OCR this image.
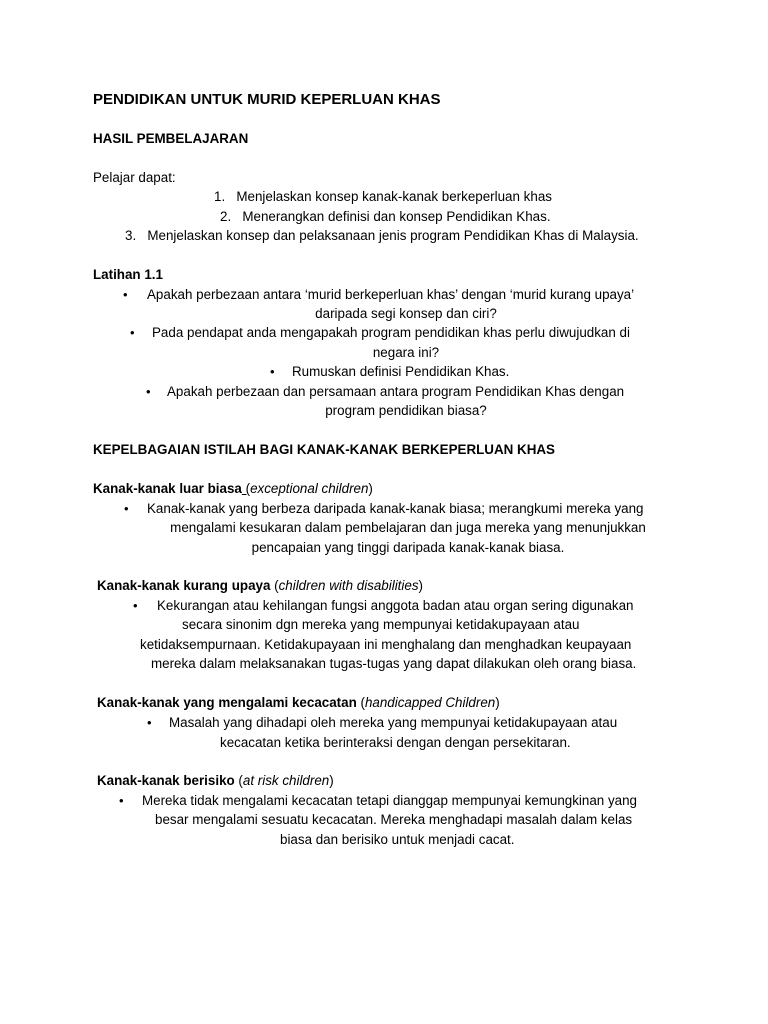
PENDIDIKAN UNTUK MURID KEPERLUAN KHAS
HASIL PEMBELAJARAN
Pelajar dapat:
1. Menjelaskan konsep kanak-kanak berkeperluan khas
2. Menerangkan definisi dan konsep Pendidikan Khas.
3. Menjelaskan konsep dan pelaksanaan jenis program Pendidikan Khas di Malaysia.
Latihan 1.1
• Apakah perbezaan antara ‘murid berkeperluan khas’ dengan ‘murid kurang upaya’
daripada segi konsep dan ciri?
• Pada pendapat anda mengapakah program pendidikan khas perlu diwujudkan di
negara ini?
• Rumuskan definisi Pendidikan Khas.
• Apakah perbezaan dan persamaan antara program Pendidikan Khas dengan
program pendidikan biasa?
KEPELBAGAIAN ISTILAH BAGI KANAK-KANAK BERKEPERLUAN KHAS
Kanak-kanak luar biasa (exceptional children)
• Kanak-kanak yang berbeza daripada kanak-kanak biasa; merangkumi mereka yang
mengalami kesukaran dalam pembelajaran dan juga mereka yang menunjukkan
pencapaian yang tinggi daripada kanak-kanak biasa.
Kanak-kanak kurang upaya (children with disabilities)
• Kekurangan atau kehilangan fungsi anggota badan atau organ sering digunakan
secara sinonim dgn mereka yang mempunyai ketidakupayaan atau
ketidaksempurnaan. Ketidakupayaan ini menghalang dan menghadkan keupayaan
mereka dalam melaksanakan tugas-tugas yang dapat dilakukan oleh orang biasa.
Kanak-kanak yang mengalami kecacatan (handicapped Children)
• Masalah yang dihadapi oleh mereka yang mempunyai ketidakupayaan atau
kecacatan ketika berinteraksi dengan dengan persekitaran.
Kanak-kanak berisiko (at risk children)
• Mereka tidak mengalami kecacatan tetapi dianggap mempunyai kemungkinan yang
besar mengalami sesuatu kecacatan. Mereka menghadapi masalah dalam kelas
biasa dan berisiko untuk menjadi cacat.
